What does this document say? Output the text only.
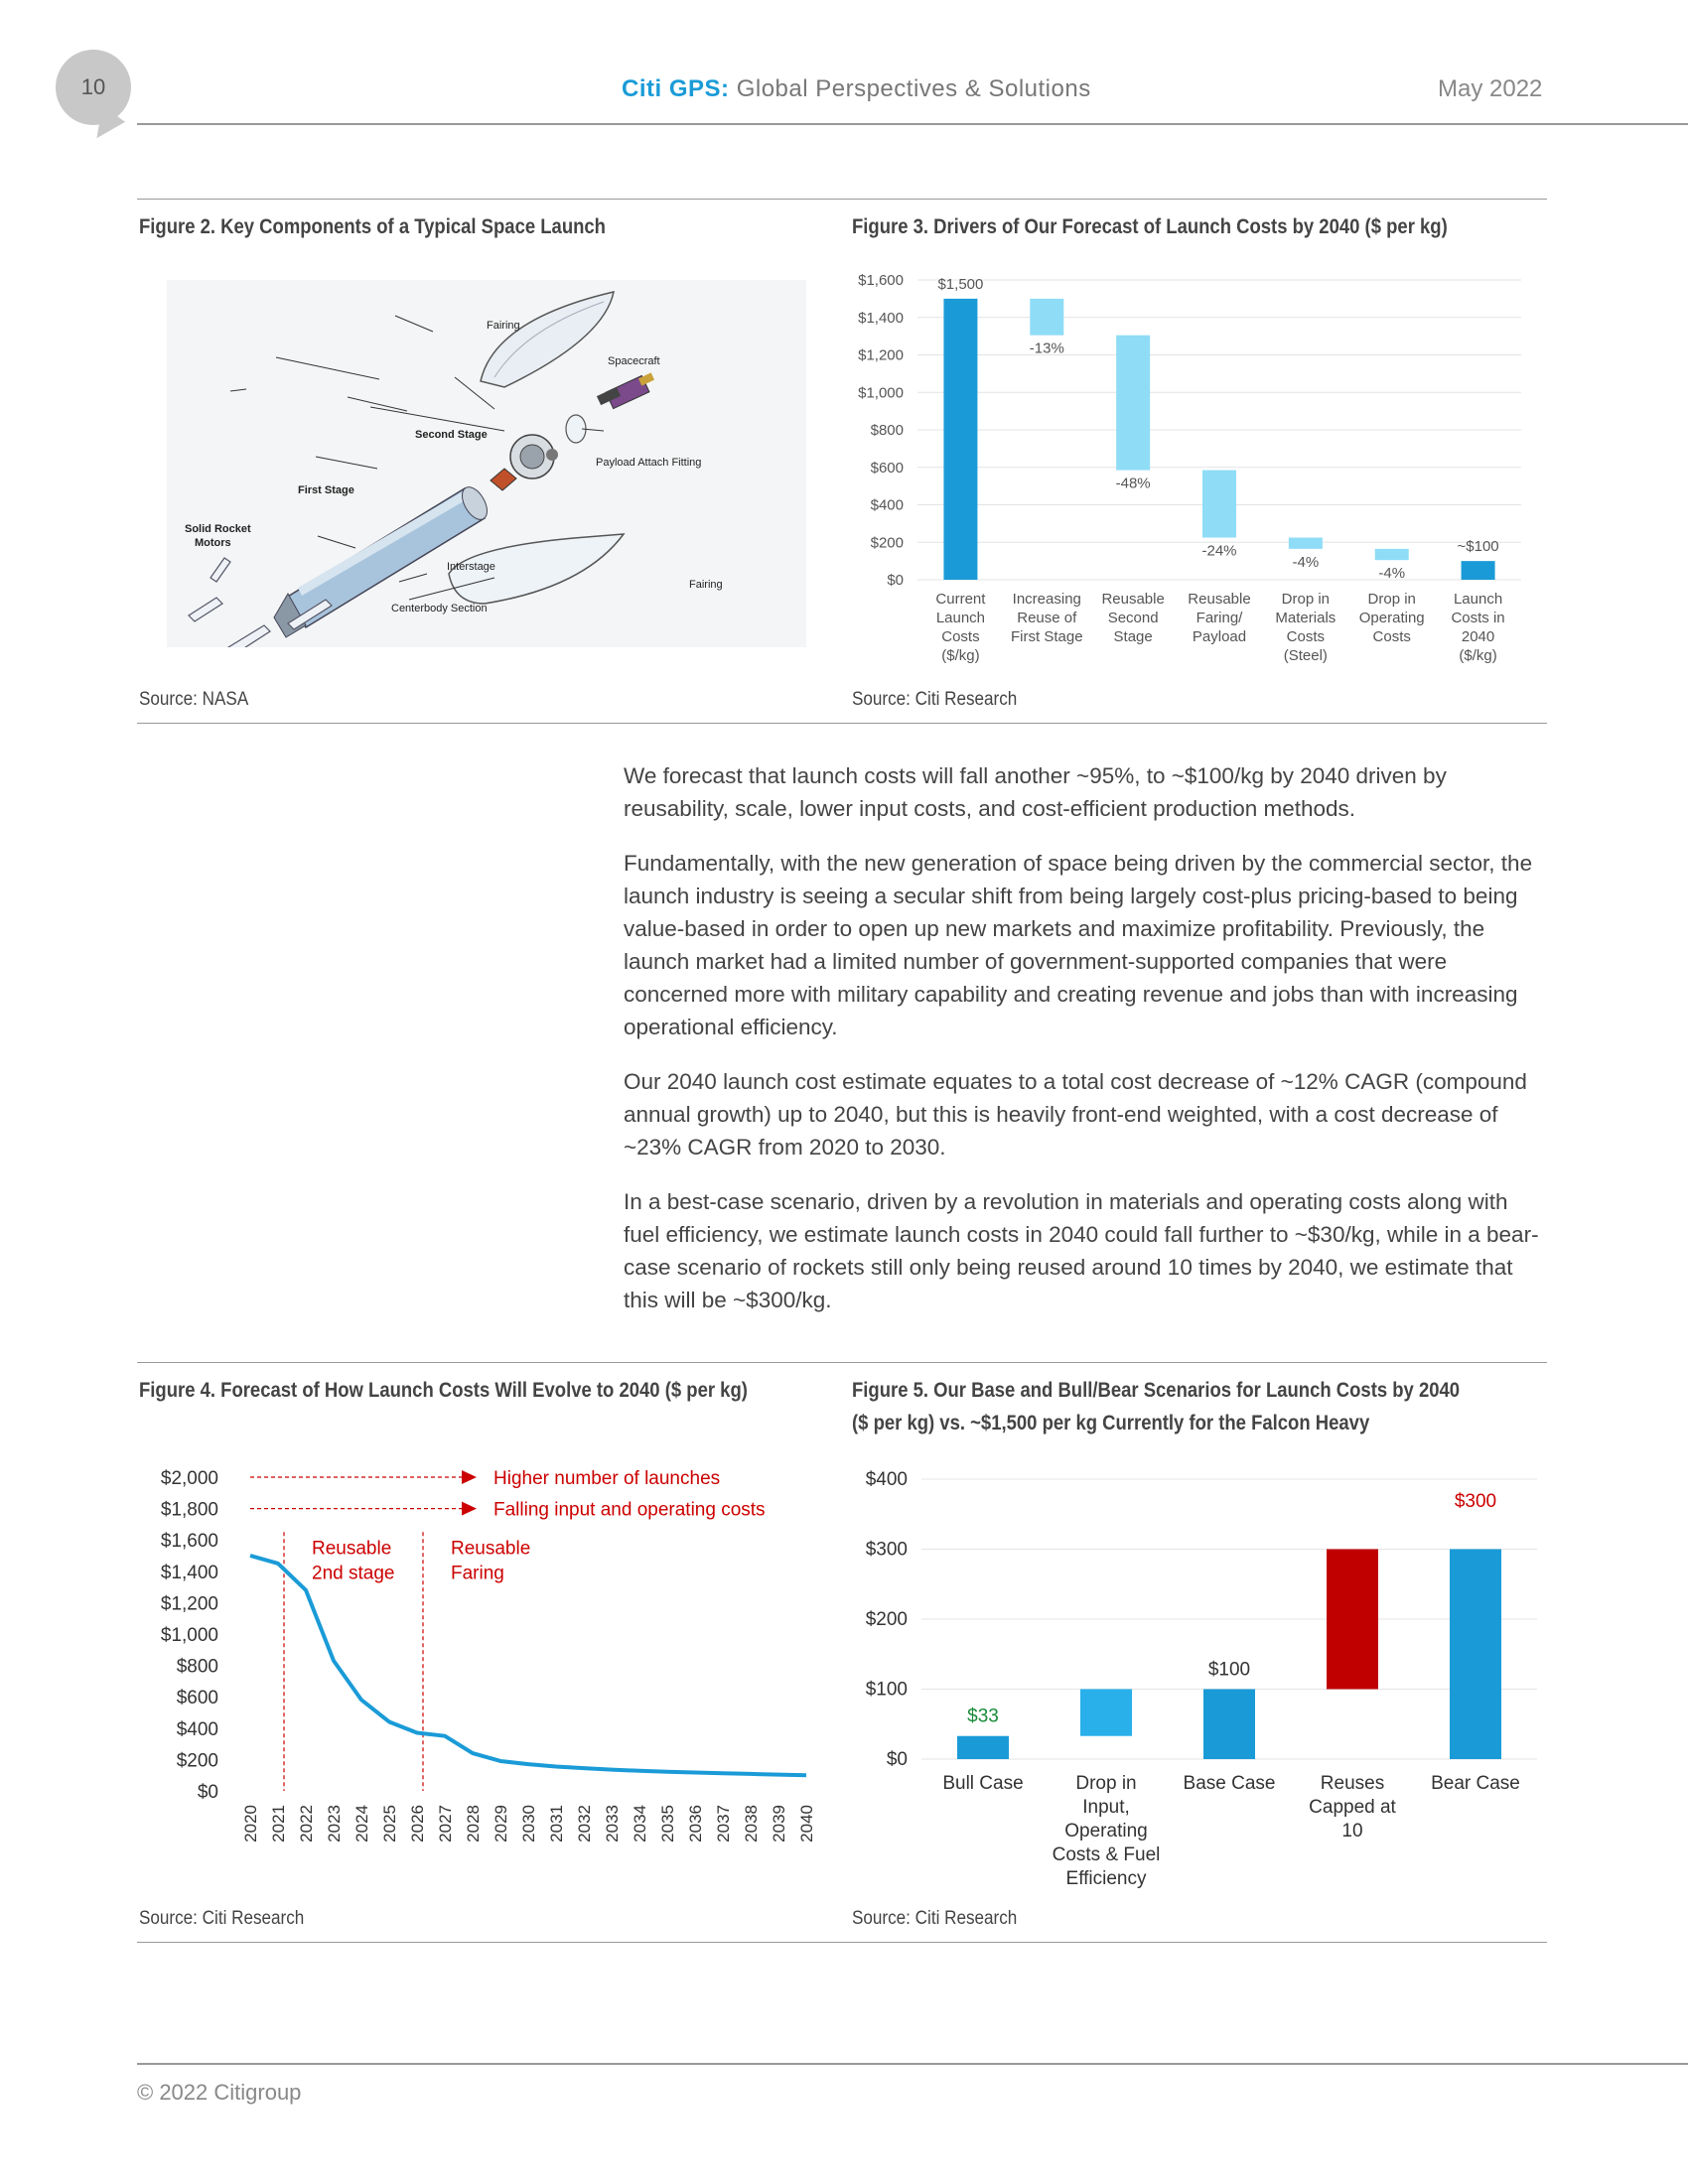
10	Citi GPS: Global Perspectives & Solutions	May 2022
Figure 2. Key Components of a Typical Space Launch	Figure 3. Drivers of Our Forecast of Launch Costs by 2040 ($ per kg)
Fairing
Spacecraft
Second Stage
Payload Attach Fitting
First Stage
Solid Rocket
Motors
Interstage
Fairing
Centerbody Section
$0
$200
$400
$600
$800
$1,000
$1,200
$1,400
$1,600 $1,500
Current
Launch
Costs
($/kg)
-13%
Increasing
Reuse of
First Stage
-48%
Reusable
Second
Stage
-24%
Reusable
Faring/
Payload
-4%
Drop in
Materials
Costs
(Steel)
-4%
Drop in
Operating
Costs
~$100
Launch
Costs in
2040
($/kg)
Source: NASA	Source: Citi Research

We forecast that launch costs will fall another ~95%, to ~$100/kg by 2040 driven by reusability, scale, lower input costs, and cost-efficient production methods.

Fundamentally, with the new generation of space being driven by the commercial sector, the launch industry is seeing a secular shift from being largely cost-plus pricing-based to being value-based in order to open up new markets and maximize profitability. Previously, the launch market had a limited number of government-supported companies that were concerned more with military capability and creating revenue and jobs than with increasing operational efficiency.

Our 2040 launch cost estimate equates to a total cost decrease of ~12% CAGR (compound annual growth) up to 2040, but this is heavily front-end weighted, with a cost decrease of ~23% CAGR from 2020 to 2030.

In a best-case scenario, driven by a revolution in materials and operating costs along with fuel efficiency, we estimate launch costs in 2040 could fall further to ~$30/kg, while in a bear-case scenario of rockets still only being reused around 10 times by 2040, we estimate that this will be ~$300/kg.

Figure 4. Forecast of How Launch Costs Will Evolve to 2040 ($ per kg)	Figure 5. Our Base and Bull/Bear Scenarios for Launch Costs by 2040
($ per kg) vs. ~$1,500 per kg Currently for the Falcon Heavy
$0
$200
$400
$600
$800
$1,000
$1,200
$1,400
$1,600
$1,800
$2,000
2020 2021 2022 2023 2024 2025 2026 2027 2028 2029 2030 2031 2032 2033 2034 2035 2036 2037 2038 2039 2040
Higher number of launches
Falling input and operating costs
Reusable
2nd stage
Reusable
Faring
$0
$100
$200
$300
$400
$33
Bull Case	Drop in
Input,
Operating
Costs & Fuel
Efficiency
$100
Base Case Reuses
Capped at
10
$300
Bear Case
Source: Citi Research	Source: Citi Research
© 2022 Citigroup
